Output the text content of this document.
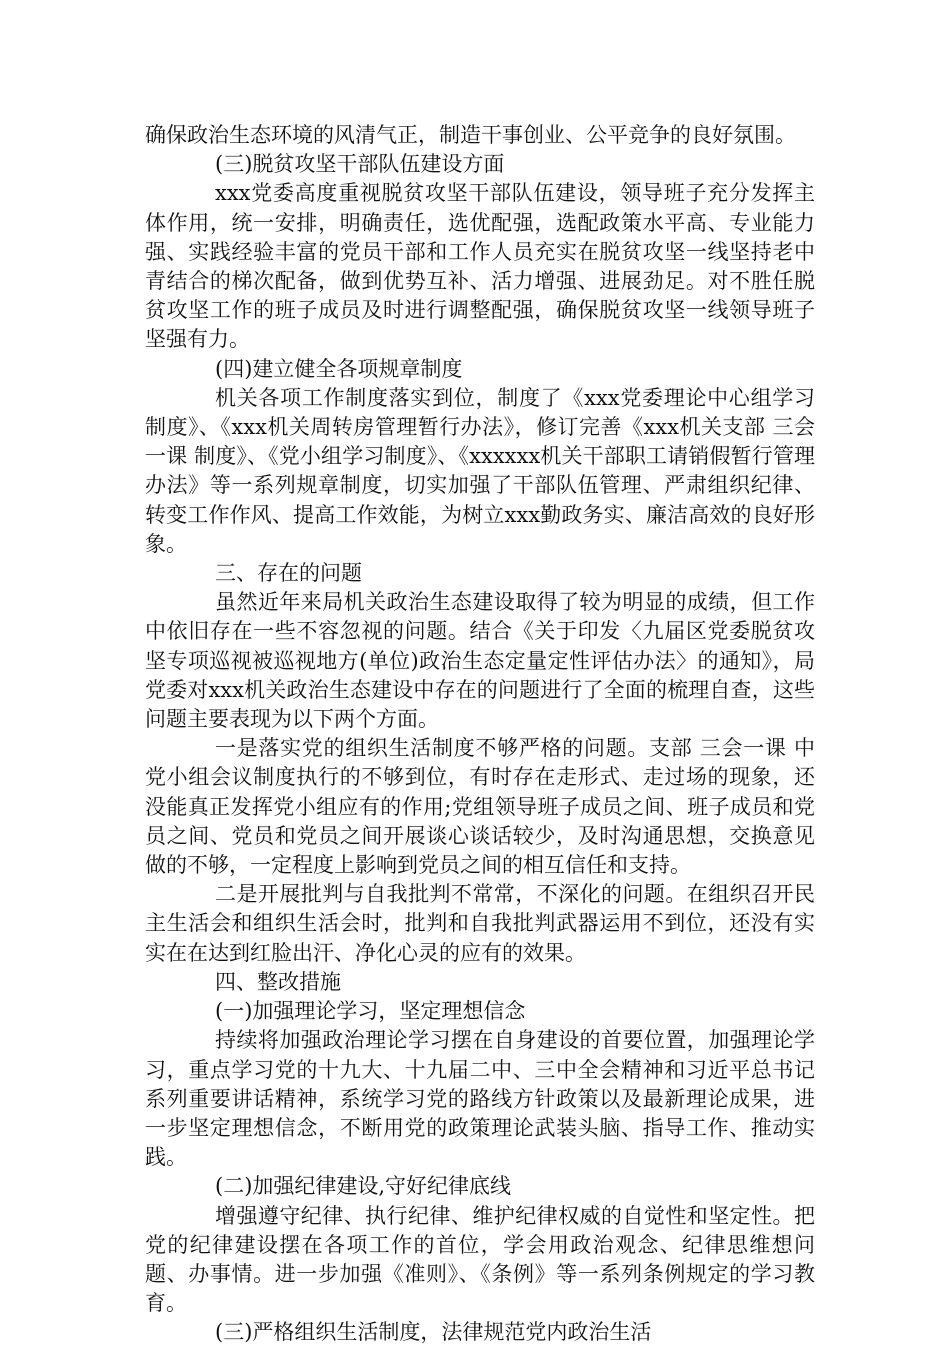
确保政治生态环境的风清气正，制造干事创业、公平竞争的良好氛围。

(三)脱贫攻坚干部队伍建设方面

xxx党委高度重视脱贫攻坚干部队伍建设，领导班子充分发挥主体作用，统一安排，明确责任，选优配强，选配政策水平高、专业能力强、实践经验丰富的党员干部和工作人员充实在脱贫攻坚一线坚持老中青结合的梯次配备，做到优势互补、活力增强、进展劲足。对不胜任脱贫攻坚工作的班子成员及时进行调整配强，确保脱贫攻坚一线领导班子坚强有力。

(四)建立健全各项规章制度

机关各项工作制度落实到位，制度了《xxx党委理论中心组学习制度》、《xxx机关周转房管理暂行办法》，修订完善《xxx机关支部 三会一课 制度》、《党小组学习制度》、《xxxxxx机关干部职工请销假暂行管理办法》等一系列规章制度，切实加强了干部队伍管理、严肃组织纪律、转变工作作风、提高工作效能，为树立xxx勤政务实、廉洁高效的良好形象。

三、存在的问题

虽然近年来局机关政治生态建设取得了较为明显的成绩，但工作中依旧存在一些不容忽视的问题。结合《关于印发〈九届区党委脱贫攻坚专项巡视被巡视地方(单位)政治生态定量定性评估办法〉的通知》，局党委对xxx机关政治生态建设中存在的问题进行了全面的梳理自查，这些问题主要表现为以下两个方面。

一是落实党的组织生活制度不够严格的问题。支部 三会一课 中党小组会议制度执行的不够到位，有时存在走形式、走过场的现象，还没能真正发挥党小组应有的作用;党组领导班子成员之间、班子成员和党员之间、党员和党员之间开展谈心谈话较少，及时沟通思想，交换意见做的不够，一定程度上影响到党员之间的相互信任和支持。

二是开展批判与自我批判不常常，不深化的问题。在组织召开民主生活会和组织生活会时，批判和自我批判武器运用不到位，还没有实实在在达到红脸出汗、净化心灵的应有的效果。

四、整改措施

(一)加强理论学习，坚定理想信念

持续将加强政治理论学习摆在自身建设的首要位置，加强理论学习，重点学习党的十九大、十九届二中、三中全会精神和习近平总书记系列重要讲话精神，系统学习党的路线方针政策以及最新理论成果，进一步坚定理想信念，不断用党的政策理论武装头脑、指导工作、推动实践。

(二)加强纪律建设,守好纪律底线

增强遵守纪律、执行纪律、维护纪律权威的自觉性和坚定性。把党的纪律建设摆在各项工作的首位，学会用政治观念、纪律思维想问题、办事情。进一步加强《准则》、《条例》等一系列条例规定的学习教育。

(三)严格组织生活制度，法律规范党内政治生活
